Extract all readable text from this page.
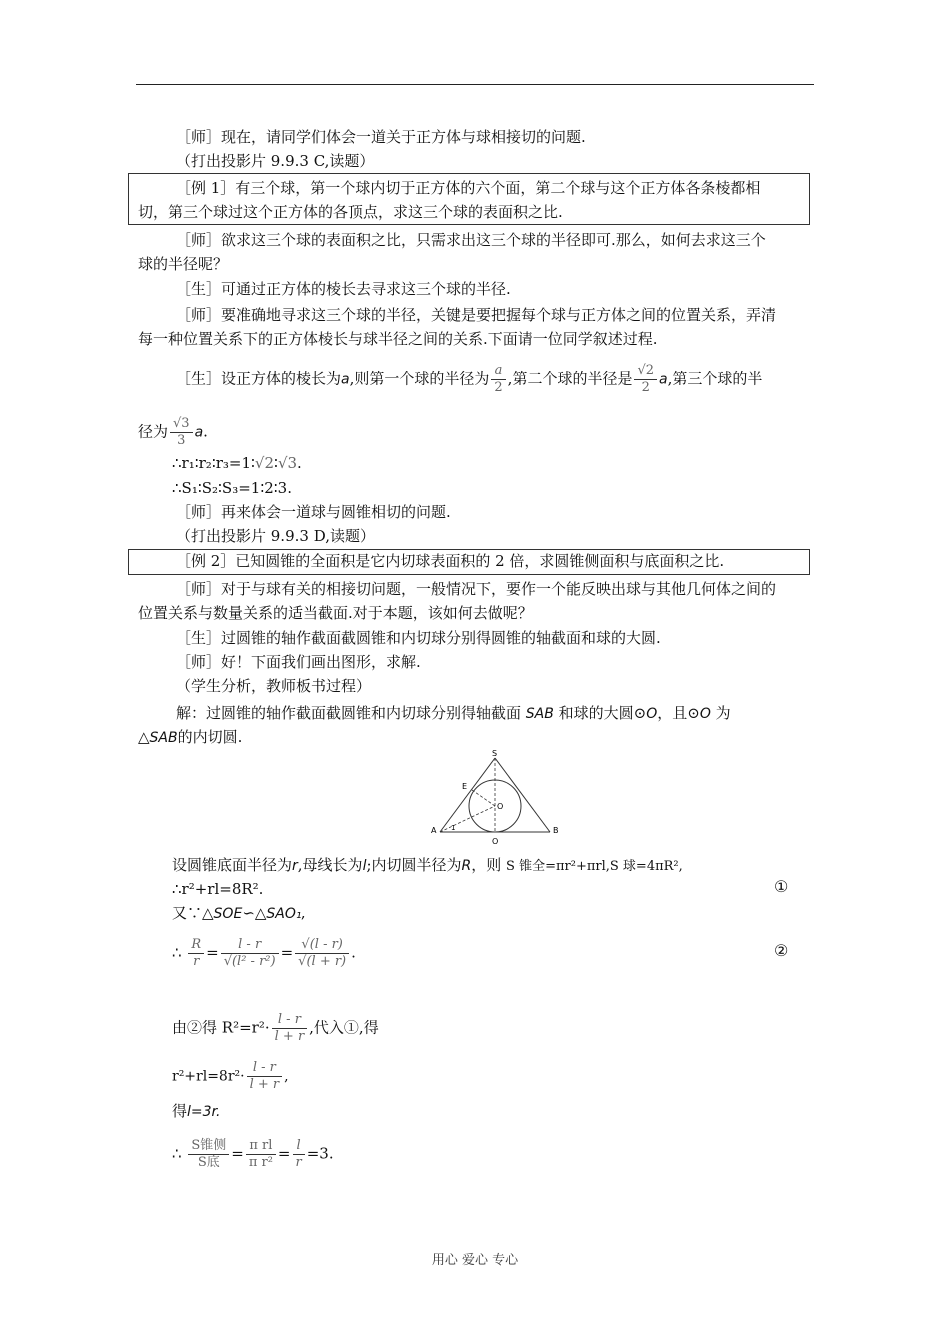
［师］现在，请同学们体会一道关于正方体与球相接切的问题.
（打出投影片 9.9.3 C,读题）
［例 1］有三个球，第一个球内切于正方体的六个面，第二个球与这个正方体各条棱都相
切，第三个球过这个正方体的各顶点，求这三个球的表面积之比.
［师］欲求这三个球的表面积之比，只需求出这三个球的半径即可.那么，如何去求这三个
球的半径呢？
［生］可通过正方体的棱长去寻求这三个球的半径.
［师］要准确地寻求这三个球的半径，关键是要把握每个球与正方体之间的位置关系，弄清
每一种位置关系下的正方体棱长与球半径之间的关系.下面请一位同学叙述过程.
［生］设正方体的棱长为a,则第一个球的半径为 $\frac{a}{2}$ ,第二个球的半径是 $\frac{√2}{2} a$,第三个球的半
径为 $\frac{√3}{3} a$.
∴r₁∶r₂∶r₃=1∶√2∶√3.
∴S₁∶S₂∶S₃=1∶2∶3.
［师］再来体会一道球与圆锥相切的问题.
（打出投影片 9.9.3 D,读题）
［例 2］已知圆锥的全面积是它内切球表面积的 2 倍，求圆锥侧面积与底面积之比.
［师］对于与球有关的相接切问题，一般情况下，要作一个能反映出球与其他几何体之间的
位置关系与数量关系的适当截面.对于本题，该如何去做呢？
［生］过圆锥的轴作截面截圆锥和内切球分别得圆锥的轴截面和球的大圆.
［师］好！下面我们画出图形，求解.
（学生分析，教师板书过程）
解：过圆锥的轴作截面截圆锥和内切球分别得轴截面 SAB 和球的大圆⊙O，且⊙O 为
△SAB的内切圆.
S
E
O
A	B
O
1
设圆锥底面半径为r,母线长为l;内切圆半径为R，则 S 锥全=πr²+πrl,S 球=4πR²,
∴r²+rl=8R².	①
又∵△SOE∽△SAO₁,
∴ $\frac{R}{r} = \frac{l - r}{\text{√(l² - r²)}} = \frac{√(l - r)}{√(l + r)}$ .	②
由②得 $R^2=r^2\cdot \frac{l - r}{l + r}$ ,代入①,得
$r^2+rl=8r^2\cdot \frac{l - r}{l + r}$ ,
得l=3r.
∴ $\frac{\text{S锥侧}}{\text{S底}} = \frac{\text{π rl}}{\text{π r²}} = \frac{l}{r} =3$.
用心 爱心 专心
